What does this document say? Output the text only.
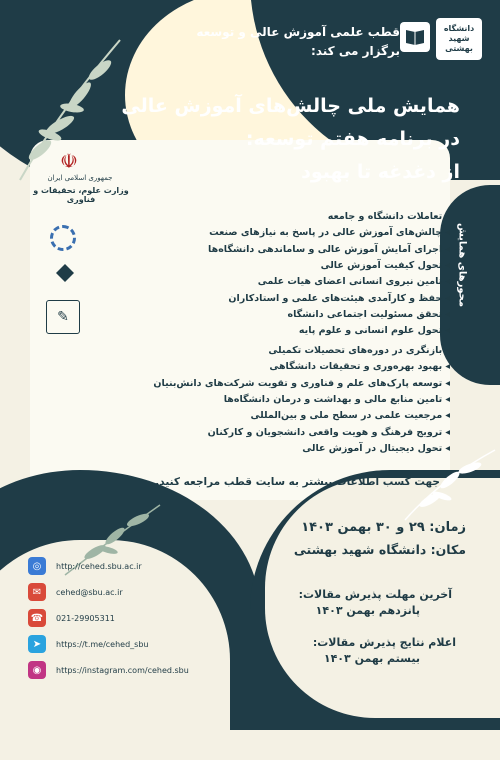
قطب علمی آموزش عالی و توسعه
برگزار می کند:
دانشگاه شهید بهشتی
همایش ملی چالش‌های آموزش عالی
در برنامه هفتم توسعه:
از دغدغه تا بهبود
☫
جمهوری اسلامی ایران
وزارت علوم، تحقیقات و فناوری
✎
محورهای همایش
◂تعاملات دانشگاه و جامعه
◂چالش‌های آموزش عالی در پاسخ به نیازهای صنعت
◂اجرای آمایش آموزش عالی و ساماندهی دانشگاه‌ها
◂تحول کیفیت آموزش عالی
◂تامین نیروی انسانی اعضای هیات علمی
◂حفظ و کارآمدی هیئت‌های علمی و استادکاران
◂تحقق مسئولیت اجتماعی دانشگاه
◂تحول علوم انسانی و علوم پایه
◂بازنگری در دوره‌های تحصیلات تکمیلی
◂بهبود بهره‌وری و تحقیقات دانشگاهی
◂توسعه پارک‌های علم و فناوری و تقویت شرکت‌های دانش‌بنیان
◂تامین منابع مالی و بهداشت و درمان دانشگاه‌ها
◂مرجعیت علمی در سطح ملی و بین‌المللی
◂ترویج فرهنگ و هویت واقعی دانشجویان و کارکنان
◂تحول دیجیتال در آموزش عالی
جهت کسب اطلاعات بیشتر به سایت قطب مراجعه کنید.
زمان: ۲۹ و ۳۰ بهمن ۱۴۰۳
مکان: دانشگاه شهید بهشتی
آخرین مهلت پذیرش مقالات:
پانزدهم بهمن ۱۴۰۳
اعلام نتایج پذیرش مقالات:
بیستم بهمن ۱۴۰۳
◎	http://cehed.sbu.ac.ir
✉	cehed@sbu.ac.ir
☎	021-29905311
➤	https://t.me/cehed_sbu
◉	https://instagram.com/cehed.sbu
